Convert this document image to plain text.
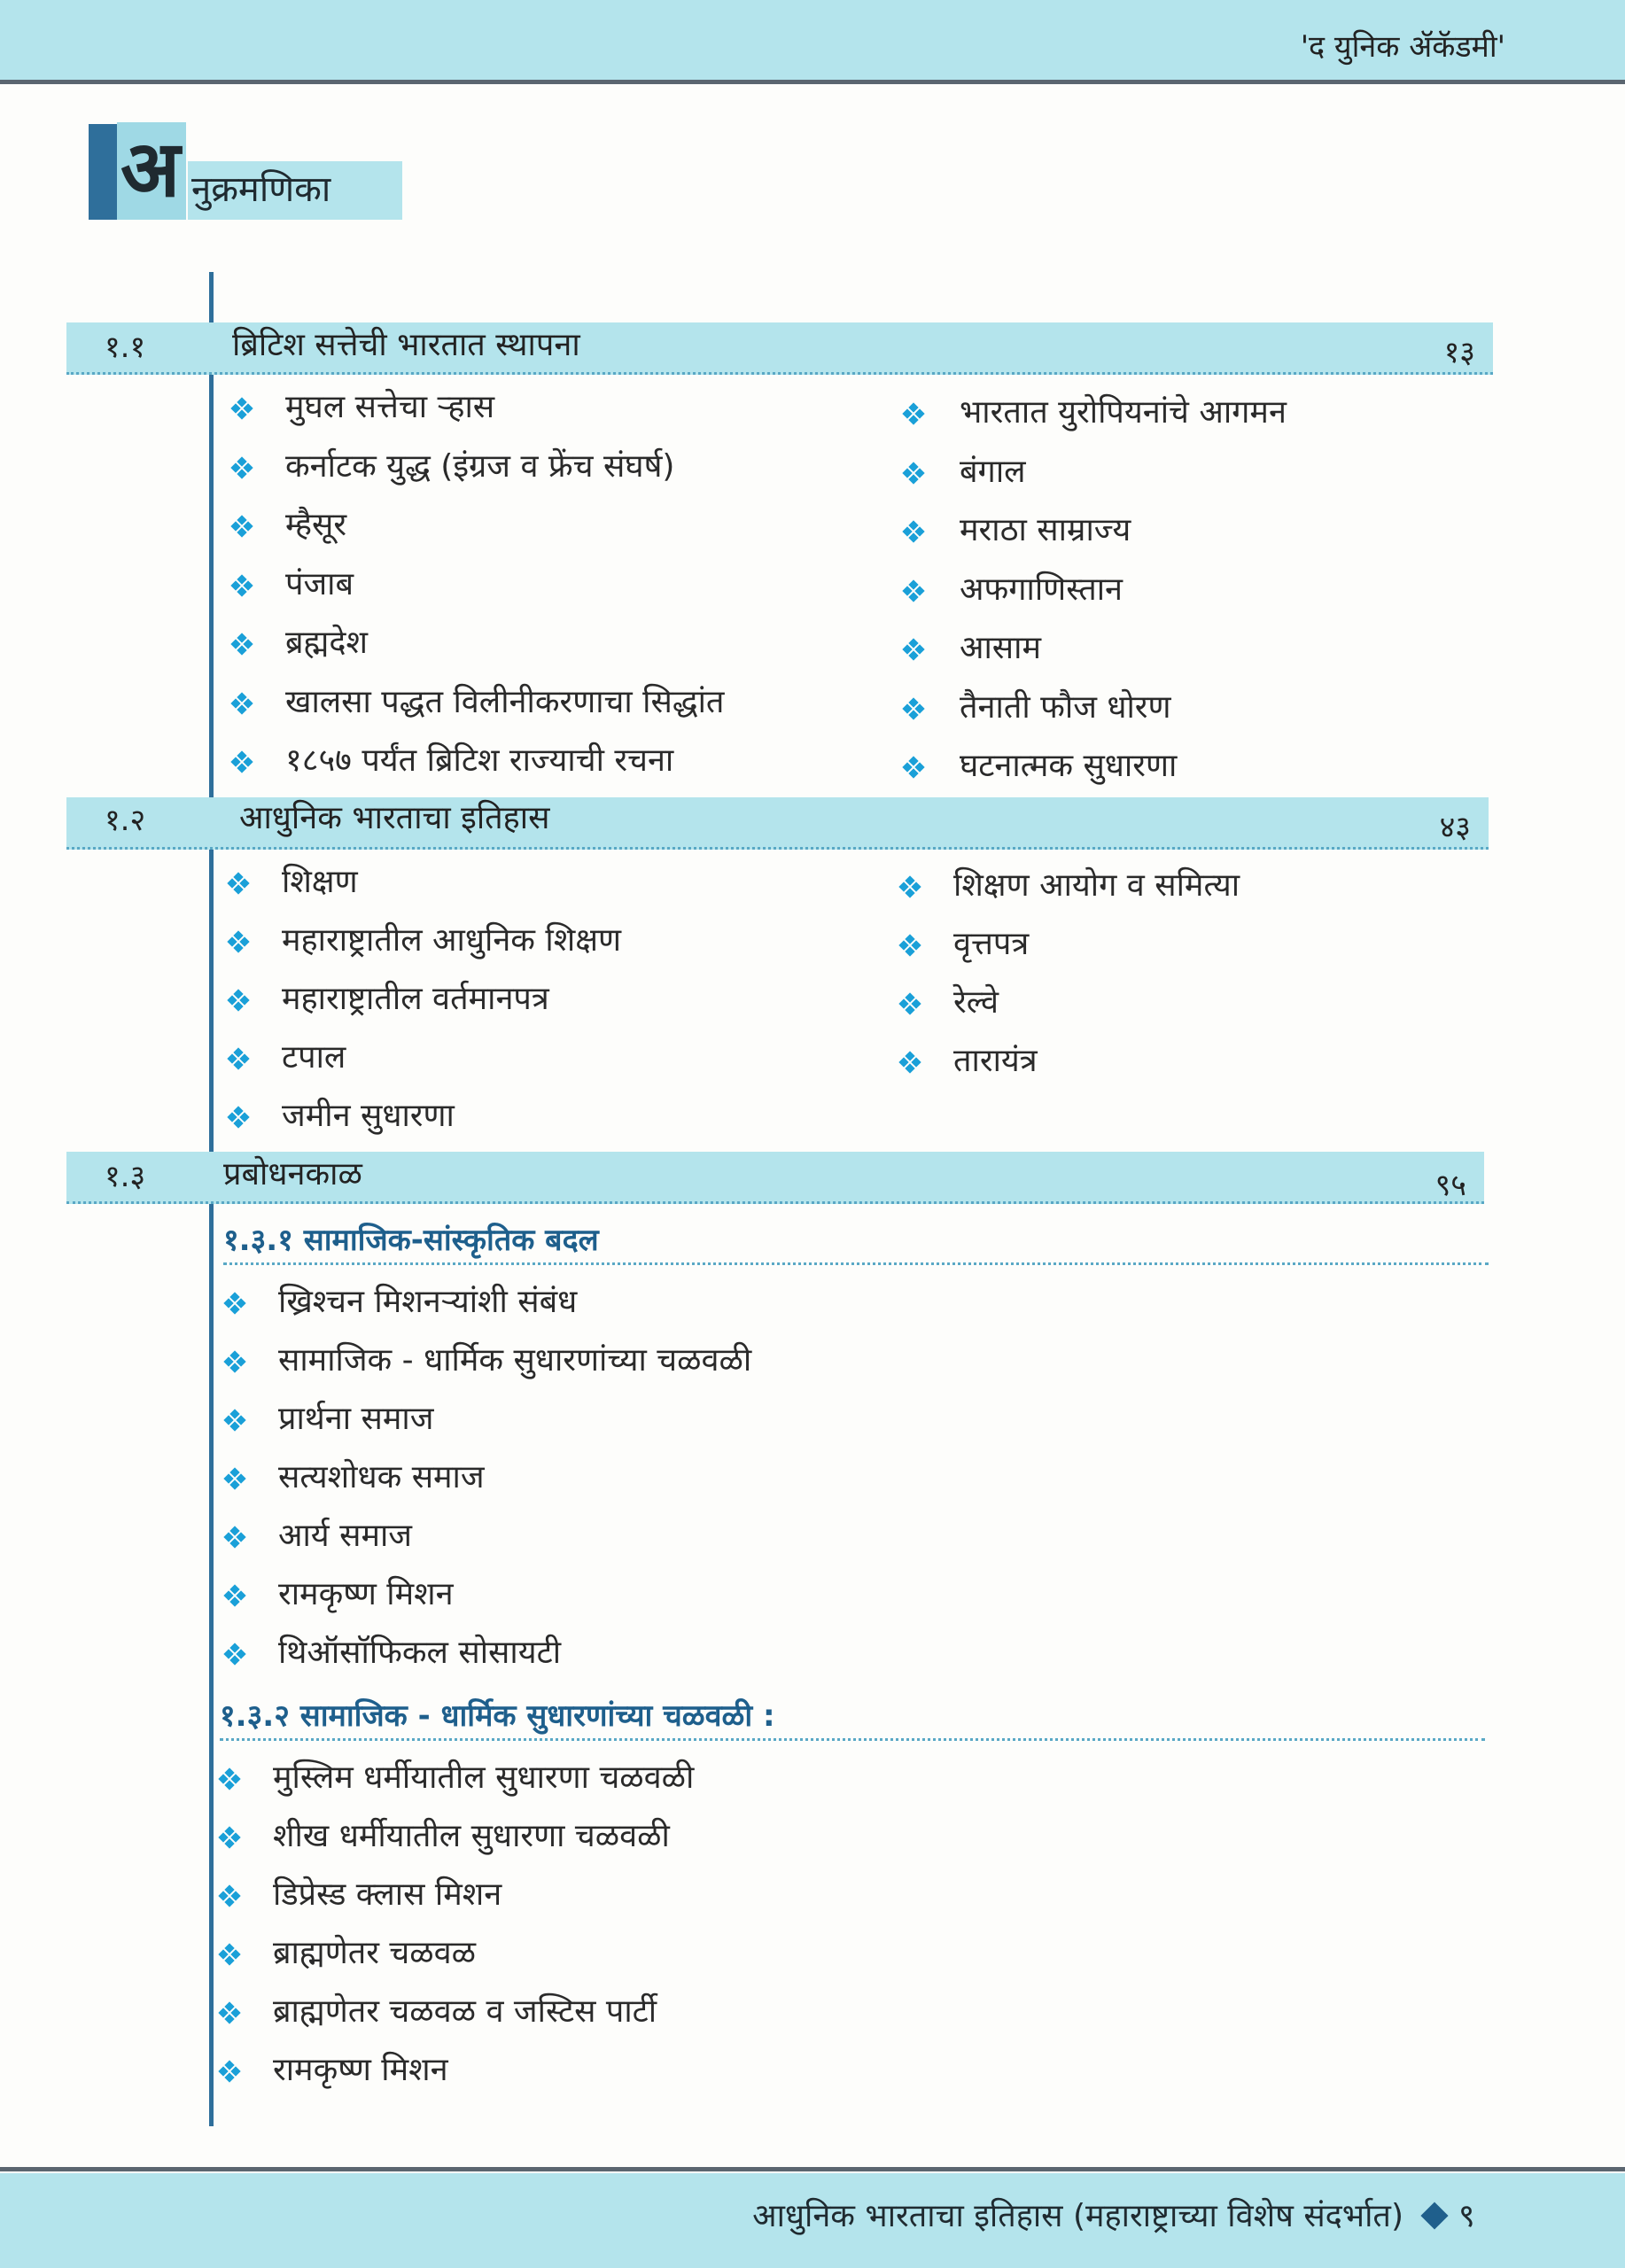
'द युनिक ॲकॅडमी'
अ नुक्रमणिका
१.१	ब्रिटिश सत्तेची भारतात स्थापना	१३
मुघल सत्तेचा ऱ्हास
कर्नाटक युद्ध (इंग्रज व फ्रेंच संघर्ष)
म्हैसूर
पंजाब
ब्रह्मदेश
खालसा पद्धत विलीनीकरणाचा सिद्धांत
१८५७ पर्यंत ब्रिटिश राज्याची रचना
भारतात युरोपियनांचे आगमन
बंगाल
मराठा साम्राज्य
अफगाणिस्तान
आसाम
तैनाती फौज धोरण
घटनात्मक सुधारणा
१.२	आधुनिक भारताचा इतिहास	४३
शिक्षण
महाराष्ट्रातील आधुनिक शिक्षण
महाराष्ट्रातील वर्तमानपत्र
टपाल
जमीन सुधारणा
शिक्षण आयोग व समित्या
वृत्तपत्र
रेल्वे
तारायंत्र
१.३ प्रबोधनकाळ	९५
१.३.१ सामाजिक-सांस्कृतिक बदल
ख्रिश्चन मिशनऱ्यांशी संबंध
सामाजिक - धार्मिक सुधारणांच्या चळवळी
प्रार्थना समाज
सत्यशोधक समाज
आर्य समाज
रामकृष्ण मिशन
थिऑसॉफिकल सोसायटी
१.३.२ सामाजिक - धार्मिक सुधारणांच्या चळवळी :
मुस्लिम धर्मीयातील सुधारणा चळवळी
शीख धर्मीयातील सुधारणा चळवळी
डिप्रेस्ड क्लास मिशन
ब्राह्मणेतर चळवळ
ब्राह्मणेतर चळवळ व जस्टिस पार्टी
रामकृष्ण मिशन
आधुनिक भारताचा इतिहास (महाराष्ट्राच्या विशेष संदर्भात) ९
